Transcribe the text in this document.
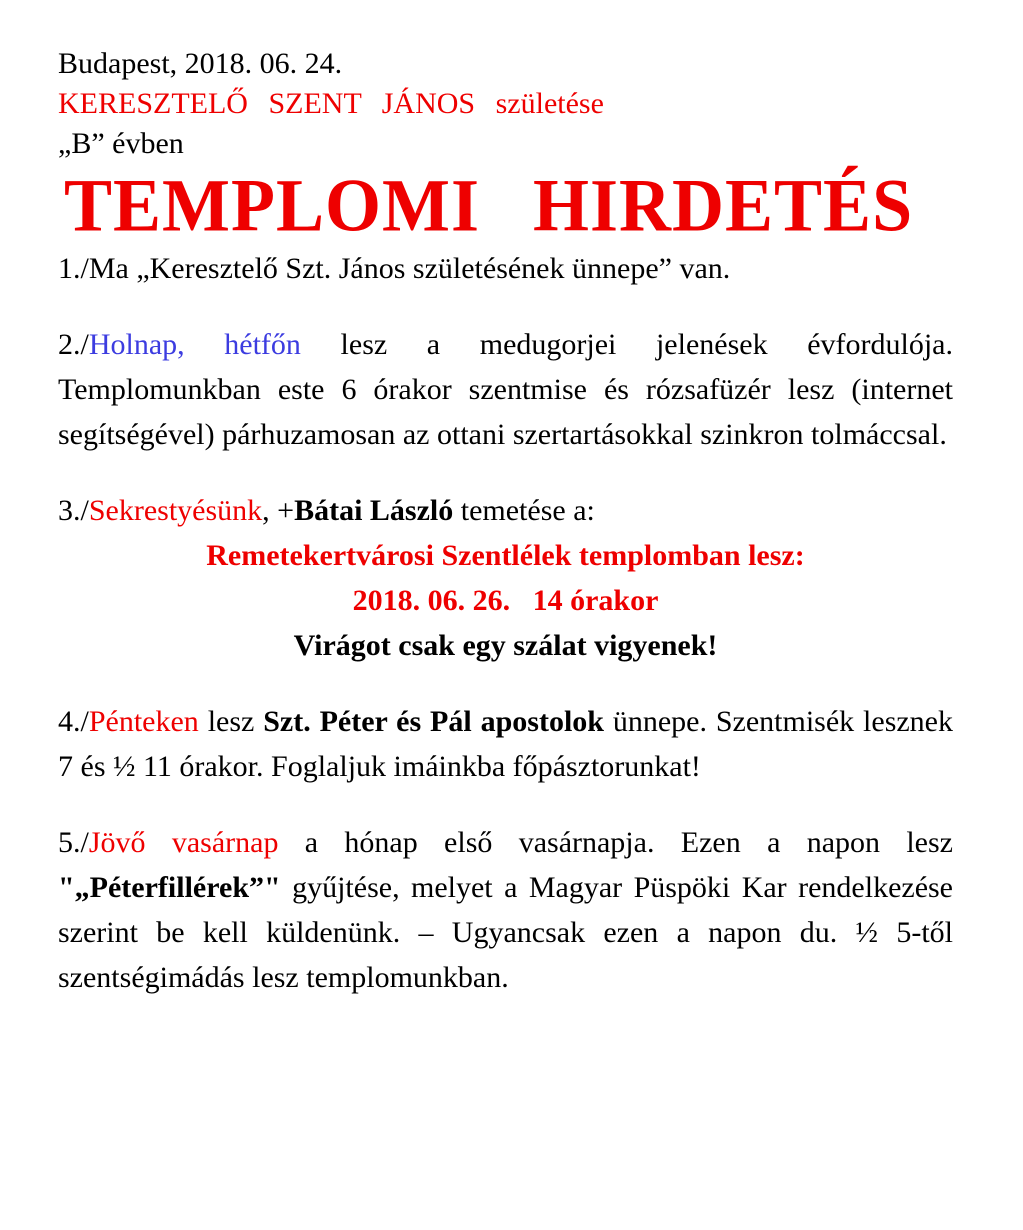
Budapest, 2018. 06. 24.
KERESZTELŐ SZENT JÁNOS születése
„B” évben
TEMPLOMI HIRDETÉS
1./Ma „Keresztelő Szt. János születésének ünnepe” van.
2./Holnap, hétfőn lesz a medugorjei jelenések évfordulója. Templomunkban este 6 órakor szentmise és rózsafüzér lesz (internet segítségével) párhuzamosan az ottani szertartásokkal szinkron tolmáccsal.
3./Sekrestyésünk, +Bátai László temetése a:
Remetekertvárosi Szentlélek templomban lesz:
2018. 06. 26.   14 órakor
Virágot csak egy szálat vigyenek!
4./Pénteken lesz Szt. Péter és Pál apostolok ünnepe. Szentmisék lesznek 7 és ½ 11 órakor. Foglaljuk imáinkba főpásztorunkat!
5./Jövő vasárnap a hónap első vasárnapja. Ezen a napon lesz "„Péterfillérek”" gyűjtése, melyet a Magyar Püspöki Kar rendelkezése szerint be kell küldenünk. – Ugyancsak ezen a napon du. ½ 5-től szentségimádás lesz templomunkban.
